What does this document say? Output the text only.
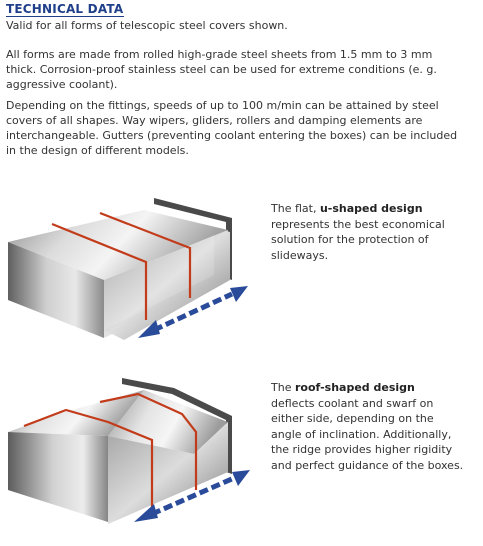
TECHNICAL DATA

Valid for all forms of telescopic steel covers shown.

All forms are made from rolled high-grade steel sheets from 1.5 mm to 3 mm
thick. Corrosion-proof stainless steel can be used for extreme conditions (e. g.
aggressive coolant).

Depending on the fittings, speeds of up to 100 m/min can be attained by steel
covers of all shapes. Way wipers, gliders, rollers and damping elements are
interchangeable. Gutters (preventing coolant entering the boxes) can be included
in the design of different models.

The flat, u-shaped design
represents the best economical
solution for the protection of
slideways.

The roof-shaped design
deflects coolant and swarf on
either side, depending on the
angle of inclination. Additionally,
the ridge provides higher rigidity
and perfect guidance of the boxes.
